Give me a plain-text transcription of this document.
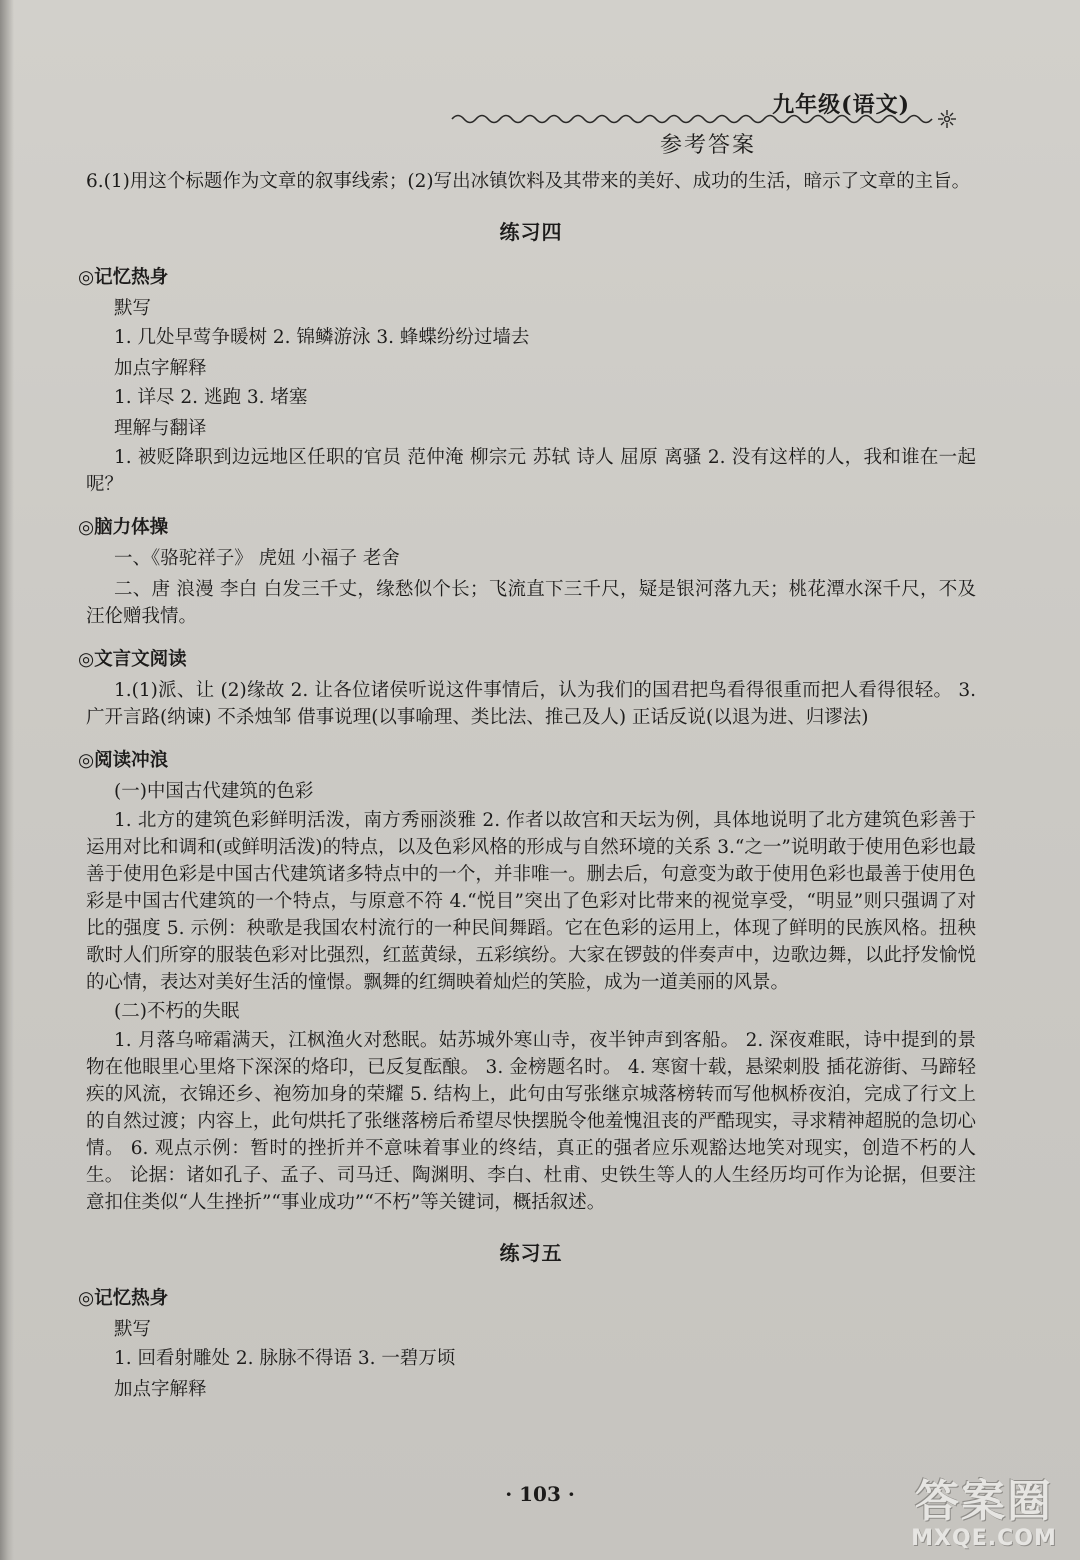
九年级(语文)
参考答案

6.(1)用这个标题作为文章的叙事线索；(2)写出冰镇饮料及其带来的美好、成功的生活，暗示了文章的主旨。

练习四
◎记忆热身
默写
1. 几处早莺争暖树 2. 锦鳞游泳 3. 蜂蝶纷纷过墙去
加点字解释
1. 详尽 2. 逃跑 3. 堵塞
理解与翻译

1. 被贬降职到边远地区任职的官员 范仲淹 柳宗元 苏轼 诗人 屈原 离骚 2. 没有这样的人，我和谁在一起呢？

◎脑力体操
一、《骆驼祥子》 虎妞 小福子 老舍

二、唐 浪漫 李白 白发三千丈，缘愁似个长；飞流直下三千尺，疑是银河落九天；桃花潭水深千尺，不及汪伦赠我情。

◎文言文阅读

1.(1)派、让 (2)缘故 2. 让各位诸侯听说这件事情后，认为我们的国君把鸟看得很重而把人看得很轻。 3. 广开言路(纳谏) 不杀烛邹 借事说理(以事喻理、类比法、推己及人) 正话反说(以退为进、归谬法)

◎阅读冲浪
(一)中国古代建筑的色彩

1. 北方的建筑色彩鲜明活泼，南方秀丽淡雅 2. 作者以故宫和天坛为例，具体地说明了北方建筑色彩善于运用对比和调和(或鲜明活泼)的特点，以及色彩风格的形成与自然环境的关系 3.“之一”说明敢于使用色彩也最善于使用色彩是中国古代建筑诸多特点中的一个，并非唯一。删去后，句意变为敢于使用色彩也最善于使用色彩是中国古代建筑的一个特点，与原意不符 4.“悦目”突出了色彩对比带来的视觉享受，“明显”则只强调了对比的强度 5. 示例：秧歌是我国农村流行的一种民间舞蹈。它在色彩的运用上，体现了鲜明的民族风格。扭秧歌时人们所穿的服装色彩对比强烈，红蓝黄绿，五彩缤纷。大家在锣鼓的伴奏声中，边歌边舞，以此抒发愉悦的心情，表达对美好生活的憧憬。飘舞的红绸映着灿烂的笑脸，成为一道美丽的风景。

(二)不朽的失眠

1. 月落乌啼霜满天，江枫渔火对愁眠。姑苏城外寒山寺，夜半钟声到客船。 2. 深夜难眠，诗中提到的景物在他眼里心里烙下深深的烙印，已反复酝酿。 3. 金榜题名时。 4. 寒窗十载，悬梁刺股 插花游街、马蹄轻疾的风流，衣锦还乡、袍笏加身的荣耀 5. 结构上，此句由写张继京城落榜转而写他枫桥夜泊，完成了行文上的自然过渡；内容上，此句烘托了张继落榜后希望尽快摆脱令他羞愧沮丧的严酷现实，寻求精神超脱的急切心情。 6. 观点示例：暂时的挫折并不意味着事业的终结，真正的强者应乐观豁达地笑对现实，创造不朽的人生。 论据：诸如孔子、孟子、司马迁、陶渊明、李白、杜甫、史铁生等人的人生经历均可作为论据，但要注意扣住类似“人生挫折”“事业成功”“不朽”等关键词，概括叙述。

练习五
◎记忆热身
默写
1. 回看射雕处 2. 脉脉不得语 3. 一碧万顷
加点字解释
· 103 ·	答案圈
MXQE.COM
